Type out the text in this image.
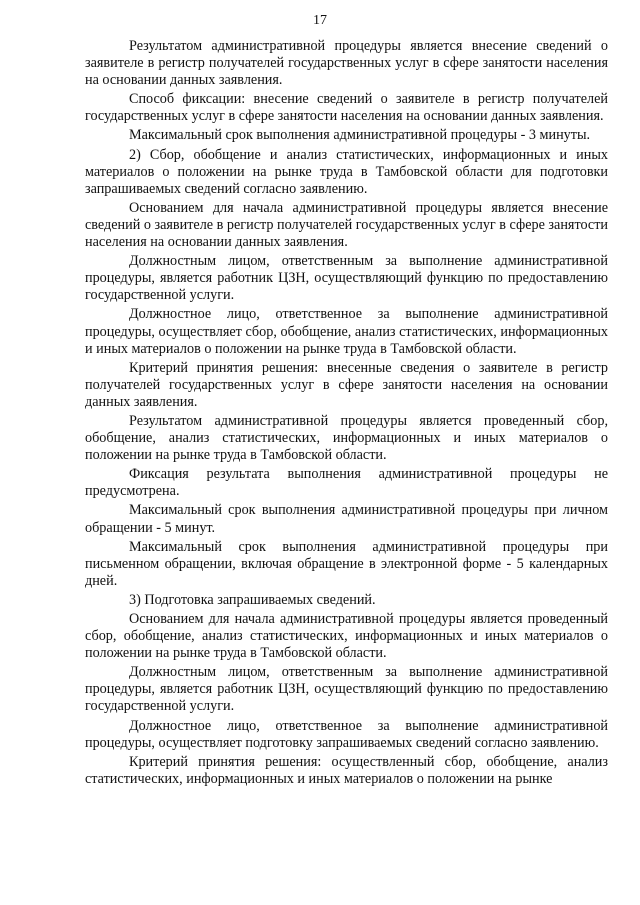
17

Результатом административной процедуры является внесение сведений о заявителе в регистр получателей государственных услуг в сфере занятости населения на основании данных заявления.

Способ фиксации: внесение сведений о заявителе в регистр получателей государственных услуг в сфере занятости населения на основании данных заявления.

Максимальный срок выполнения административной процедуры - 3 минуты.

2) Сбор, обобщение и анализ статистических, информационных и иных материалов о положении на рынке труда в Тамбовской области для подготовки запрашиваемых сведений согласно заявлению.

Основанием для начала административной процедуры является внесение сведений о заявителе в регистр получателей государственных услуг в сфере занятости населения на основании данных заявления.

Должностным лицом, ответственным за выполнение административной процедуры, является работник ЦЗН, осуществляющий функцию по предоставлению государственной услуги.

Должностное лицо, ответственное за выполнение административной процедуры, осуществляет сбор, обобщение, анализ статистических, информационных и иных материалов о положении на рынке труда в Тамбовской области.

Критерий принятия решения: внесенные сведения о заявителе в регистр получателей государственных услуг в сфере занятости населения на основании данных заявления.

Результатом административной процедуры является проведенный сбор, обобщение, анализ статистических, информационных и иных материалов о положении на рынке труда в Тамбовской области.

Фиксация результата выполнения административной процедуры не предусмотрена.

Максимальный срок выполнения административной процедуры при личном обращении - 5 минут.

Максимальный срок выполнения административной процедуры при письменном обращении, включая обращение в электронной форме - 5 календарных дней.

3) Подготовка запрашиваемых сведений.

Основанием для начала административной процедуры является проведенный сбор, обобщение, анализ статистических, информационных и иных материалов о положении на рынке труда в Тамбовской области.

Должностным лицом, ответственным за выполнение административной процедуры, является работник ЦЗН, осуществляющий функцию по предоставлению государственной услуги.

Должностное лицо, ответственное за выполнение административной процедуры, осуществляет подготовку запрашиваемых сведений согласно заявлению.

Критерий принятия решения: осуществленный сбор, обобщение, анализ статистических, информационных и иных материалов о положении на рынке
